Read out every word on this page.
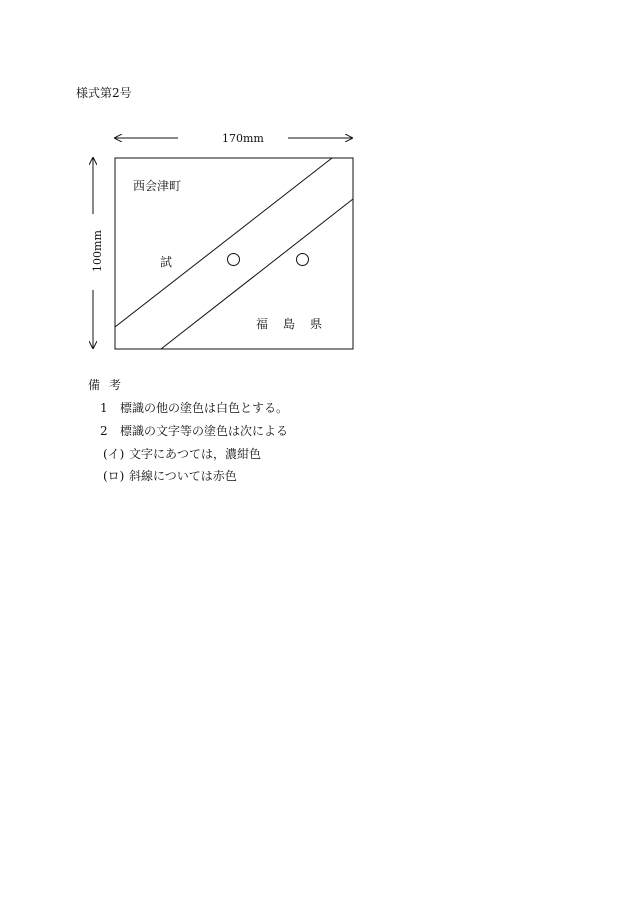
様式第2号
170mm
100mm
西会津町
試
福島県
備考
1 標識の他の塗色は白色とする。
2 標識の文字等の塗色は次による
(イ) 文字にあつては，濃紺色
(ロ) 斜線については赤色
